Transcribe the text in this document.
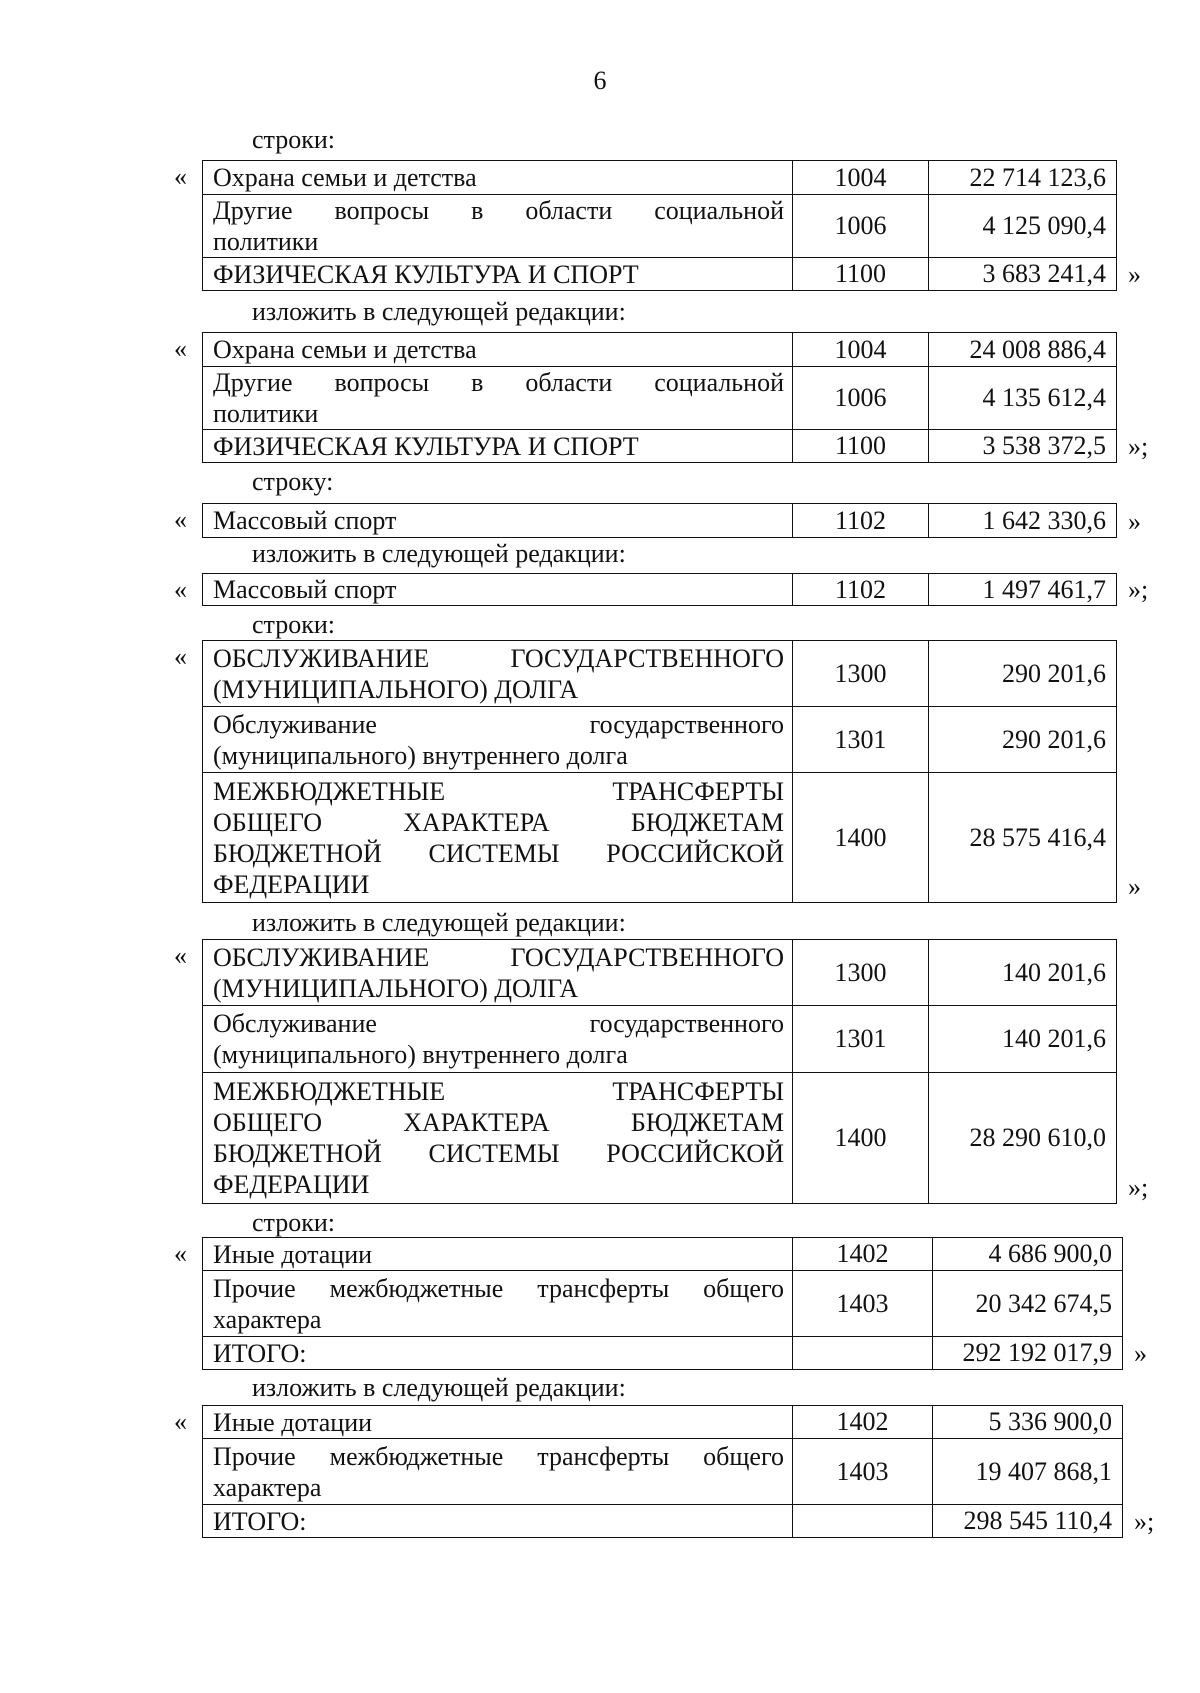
6
строки:
« Охрана семьи и детства	1004	22 714 123,6

Другие вопросы в области социальной
политики	1006	4 125 090,4

ФИЗИЧЕСКАЯ КУЛЬТУРА И СПОРТ	1100	3 683 241,4 »
изложить в следующей редакции:
« Охрана семьи и детства	1004	24 008 886,4

Другие вопросы в области социальной
политики	1006	4 135 612,4

ФИЗИЧЕСКАЯ КУЛЬТУРА И СПОРТ	1100	3 538 372,5 »;
строку:
« Массовый спорт	1102	1 642 330,6 »
изложить в следующей редакции:
« Массовый спорт	1102	1 497 461,7 »;
строки:
« ОБСЛУЖИВАНИЕ ГОСУДАРСТВЕННОГО
(МУНИЦИПАЛЬНОГО) ДОЛГА	1300	290 201,6

Обслуживание государственного
(муниципального) внутреннего долга	1301	290 201,6

МЕЖБЮДЖЕТНЫЕ ТРАНСФЕРТЫ
ОБЩЕГО ХАРАКТЕРА БЮДЖЕТАМ
БЮДЖЕТНОЙ СИСТЕМЫ РОССИЙСКОЙ
ФЕДЕРАЦИИ	1400	28 575 416,4
»
изложить в следующей редакции:
« ОБСЛУЖИВАНИЕ ГОСУДАРСТВЕННОГО
(МУНИЦИПАЛЬНОГО) ДОЛГА	1300	140 201,6

Обслуживание государственного
(муниципального) внутреннего долга	1301	140 201,6

МЕЖБЮДЖЕТНЫЕ ТРАНСФЕРТЫ
ОБЩЕГО ХАРАКТЕРА БЮДЖЕТАМ
БЮДЖЕТНОЙ СИСТЕМЫ РОССИЙСКОЙ
ФЕДЕРАЦИИ	1400	28 290 610,0
»;
строки:
« Иные дотации	1402	4 686 900,0

Прочие межбюджетные трансферты общего
характера	1403	20 342 674,5

ИТОГО:		292 192 017,9 »
изложить в следующей редакции:
« Иные дотации	1402	5 336 900,0

Прочие межбюджетные трансферты общего
характера	1403	19 407 868,1

ИТОГО:		298 545 110,4 »;
